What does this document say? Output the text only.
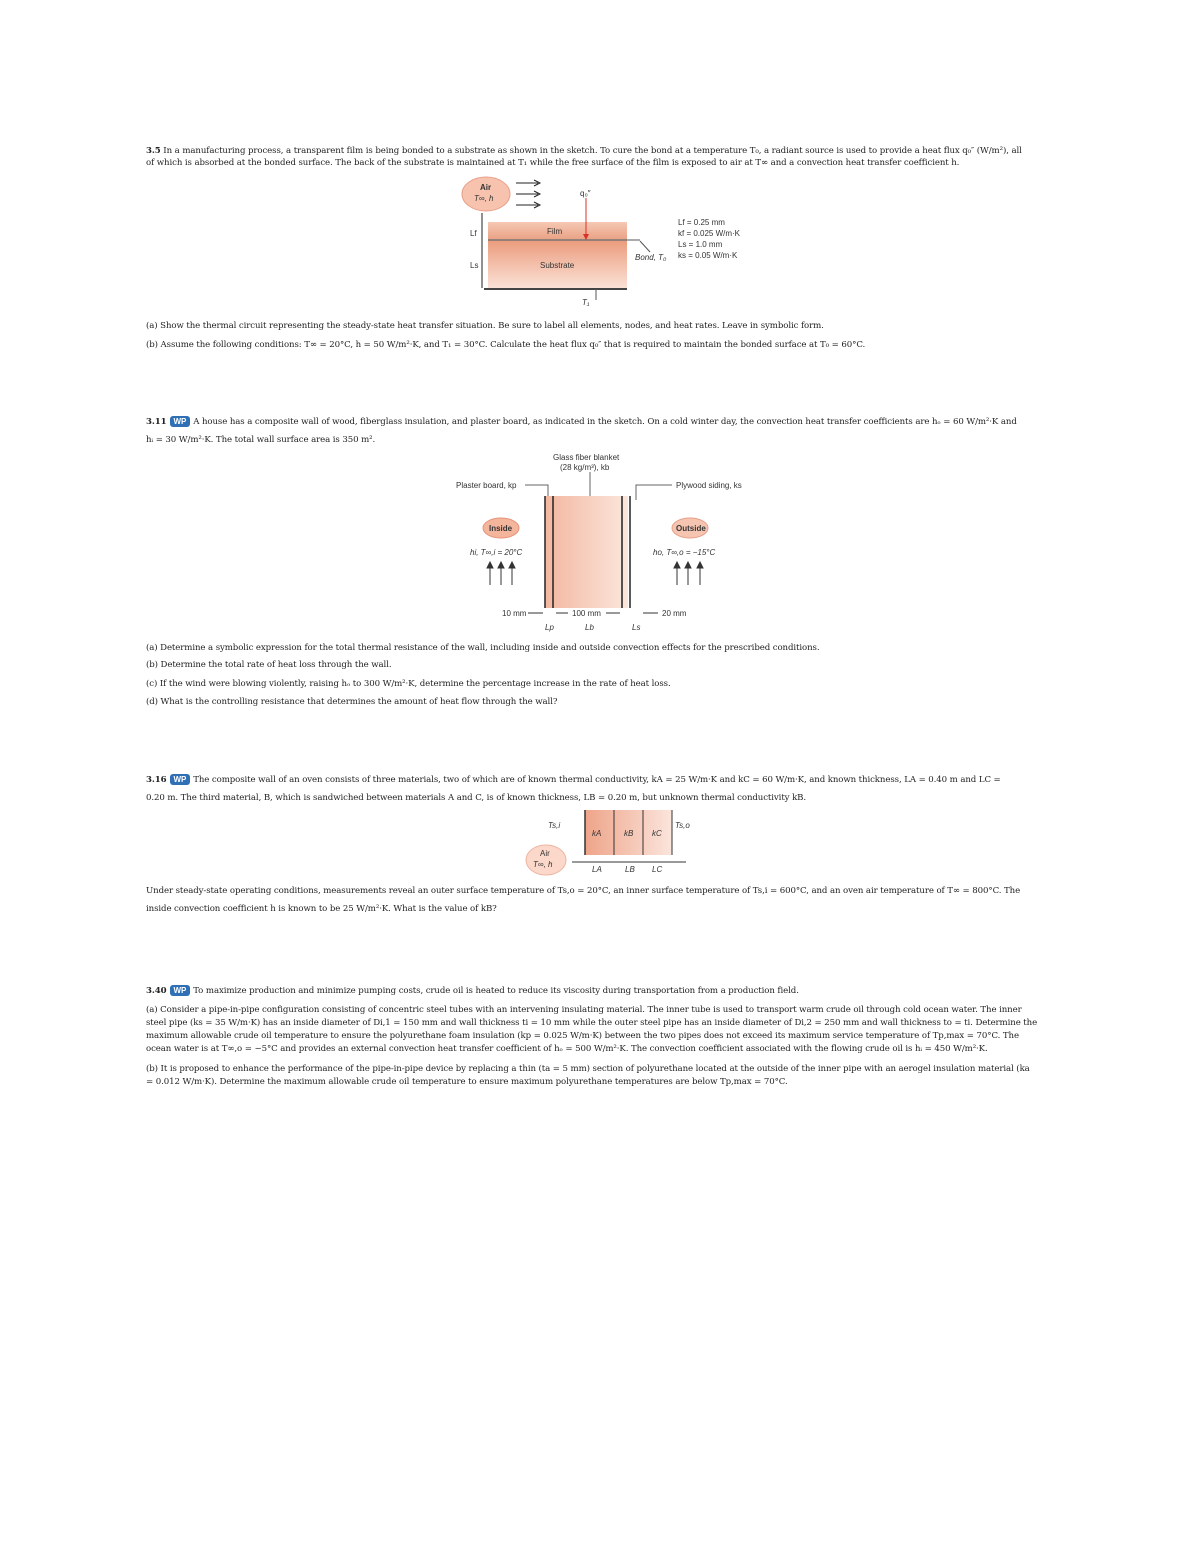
3.5 In a manufacturing process, a transparent film is being bonded to a substrate as shown in the sketch. To cure the bond at a temperature T₀, a radiant source is used to provide a heat flux q₀″ (W/m²), all
of which is absorbed at the bonded surface. The back of the substrate is maintained at T₁ while the free surface of the film is exposed to air at T∞ and a convection heat transfer coefficient h.
Air
T∞, h
Film
Substrate
q₀″
Bond, T₀
Lf
Ls
T₁
Lf = 0.25 mm
kf = 0.025 W/m·K
Ls = 1.0 mm
ks = 0.05 W/m·K
(a) Show the thermal circuit representing the steady-state heat transfer situation. Be sure to label all elements, nodes, and heat rates. Leave in symbolic form.
(b) Assume the following conditions: T∞ = 20°C, h = 50 W/m²·K, and T₁ = 30°C. Calculate the heat flux q₀″ that is required to maintain the bonded surface at T₀ = 60°C.
3.11 WP A house has a composite wall of wood, fiberglass insulation, and plaster board, as indicated in the sketch. On a cold winter day, the convection heat transfer coefficients are hₒ = 60 W/m²·K and
hᵢ = 30 W/m²·K. The total wall surface area is 350 m².
Glass fiber blanket
(28 kg/m³), kb
Plaster board, kp	Plywood siding, ks
Inside	Outside
hi, T∞,i = 20°C	ho, T∞,o = −15°C
10 mm	100 mm	20 mm
Lp	Lb	Ls
(a) Determine a symbolic expression for the total thermal resistance of the wall, including inside and outside convection effects for the prescribed conditions.
(b) Determine the total rate of heat loss through the wall.
(c) If the wind were blowing violently, raising hₒ to 300 W/m²·K, determine the percentage increase in the rate of heat loss.
(d) What is the controlling resistance that determines the amount of heat flow through the wall?
3.16 WP The composite wall of an oven consists of three materials, two of which are of known thermal conductivity, kA = 25 W/m·K and kC = 60 W/m·K, and known thickness, LA = 0.40 m and LC =
0.20 m. The third material, B, which is sandwiched between materials A and C, is of known thickness, LB = 0.20 m, but unknown thermal conductivity kB.
Ts,i	Ts,o
kA	kB kC
Air
T∞, h
LA	LB LC
Under steady-state operating conditions, measurements reveal an outer surface temperature of Ts,o = 20°C, an inner surface temperature of Ts,i = 600°C, and an oven air temperature of T∞ = 800°C. The
inside convection coefficient h is known to be 25 W/m²·K. What is the value of kB?
3.40 WP To maximize production and minimize pumping costs, crude oil is heated to reduce its viscosity during transportation from a production field.
(a) Consider a pipe-in-pipe configuration consisting of concentric steel tubes with an intervening insulating material. The inner tube is used to transport warm crude oil through cold ocean water. The inner
steel pipe (ks = 35 W/m·K) has an inside diameter of Di,1 = 150 mm and wall thickness ti = 10 mm while the outer steel pipe has an inside diameter of Di,2 = 250 mm and wall thickness to = ti. Determine the
maximum allowable crude oil temperature to ensure the polyurethane foam insulation (kp = 0.025 W/m·K) between the two pipes does not exceed its maximum service temperature of Tp,max = 70°C. The
ocean water is at T∞,o = −5°C and provides an external convection heat transfer coefficient of hₒ = 500 W/m²·K. The convection coefficient associated with the flowing crude oil is hᵢ = 450 W/m²·K.
(b) It is proposed to enhance the performance of the pipe-in-pipe device by replacing a thin (ta = 5 mm) section of polyurethane located at the outside of the inner pipe with an aerogel insulation material (ka
= 0.012 W/m·K). Determine the maximum allowable crude oil temperature to ensure maximum polyurethane temperatures are below Tp,max = 70°C.
